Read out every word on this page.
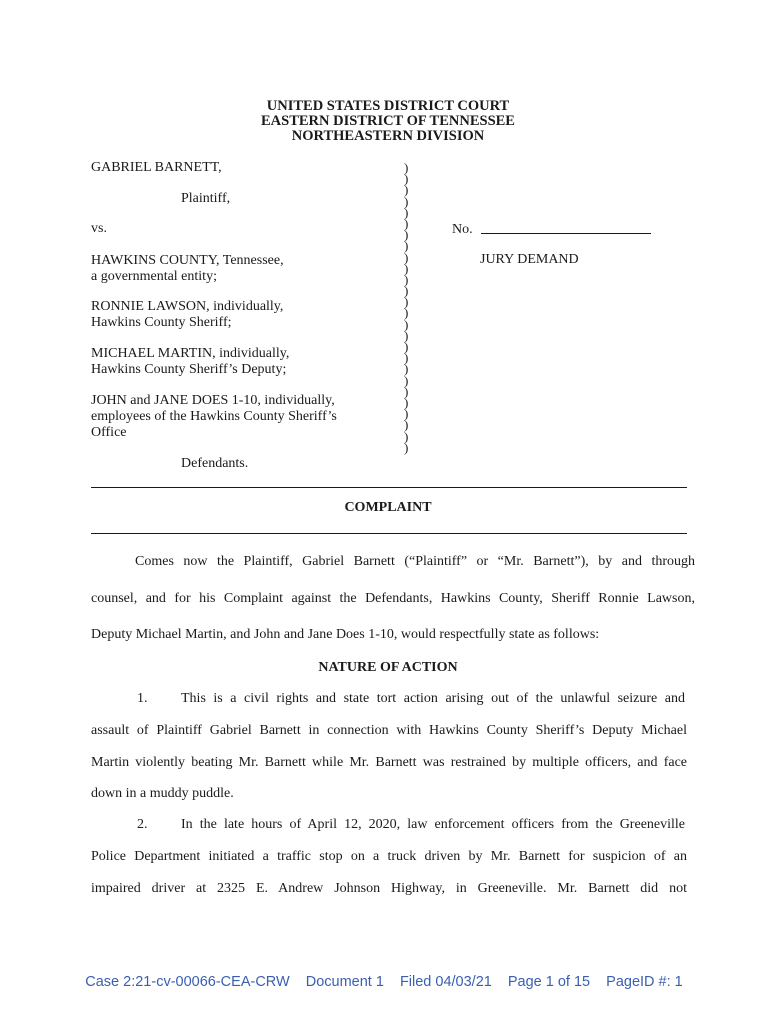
UNITED STATES DISTRICT COURT
EASTERN DISTRICT OF TENNESSEE
NORTHEASTERN DIVISION
GABRIEL BARNETT,
Plaintiff,
vs.
HAWKINS COUNTY, Tennessee,
a governmental entity;
RONNIE LAWSON, individually,
Hawkins County Sheriff;
MICHAEL MARTIN, individually,
Hawkins County Sheriff’s Deputy;
JOHN and JANE DOES 1-10, individually,
employees of the Hawkins County Sheriff’s
Office
Defendants.
)
)
)
)
)
)
)
)
)
)
)
)
)
)
)
)
)
)
)
)
)
)
)
)
)
)
No.
JURY DEMAND
COMPLAINT
Comes now the Plaintiff, Gabriel Barnett (“Plaintiff” or “Mr. Barnett”), by and through
counsel, and for his Complaint against the Defendants, Hawkins County, Sheriff Ronnie Lawson,
Deputy Michael Martin, and John and Jane Does 1-10, would respectfully state as follows:
NATURE OF ACTION
1.	This is a civil rights and state tort action arising out of the unlawful seizure and
assault of Plaintiff Gabriel Barnett in connection with Hawkins County Sheriff’s Deputy Michael
Martin violently beating Mr. Barnett while Mr. Barnett was restrained by multiple officers, and face
down in a muddy puddle.
2.	In the late hours of April 12, 2020, law enforcement officers from the Greeneville
Police Department initiated a traffic stop on a truck driven by Mr. Barnett for suspicion of an
impaired driver at 2325 E. Andrew Johnson Highway, in Greeneville. Mr. Barnett did not
Case 2:21-cv-00066-CEA-CRW Document 1 Filed 04/03/21 Page 1 of 15 PageID #: 1
